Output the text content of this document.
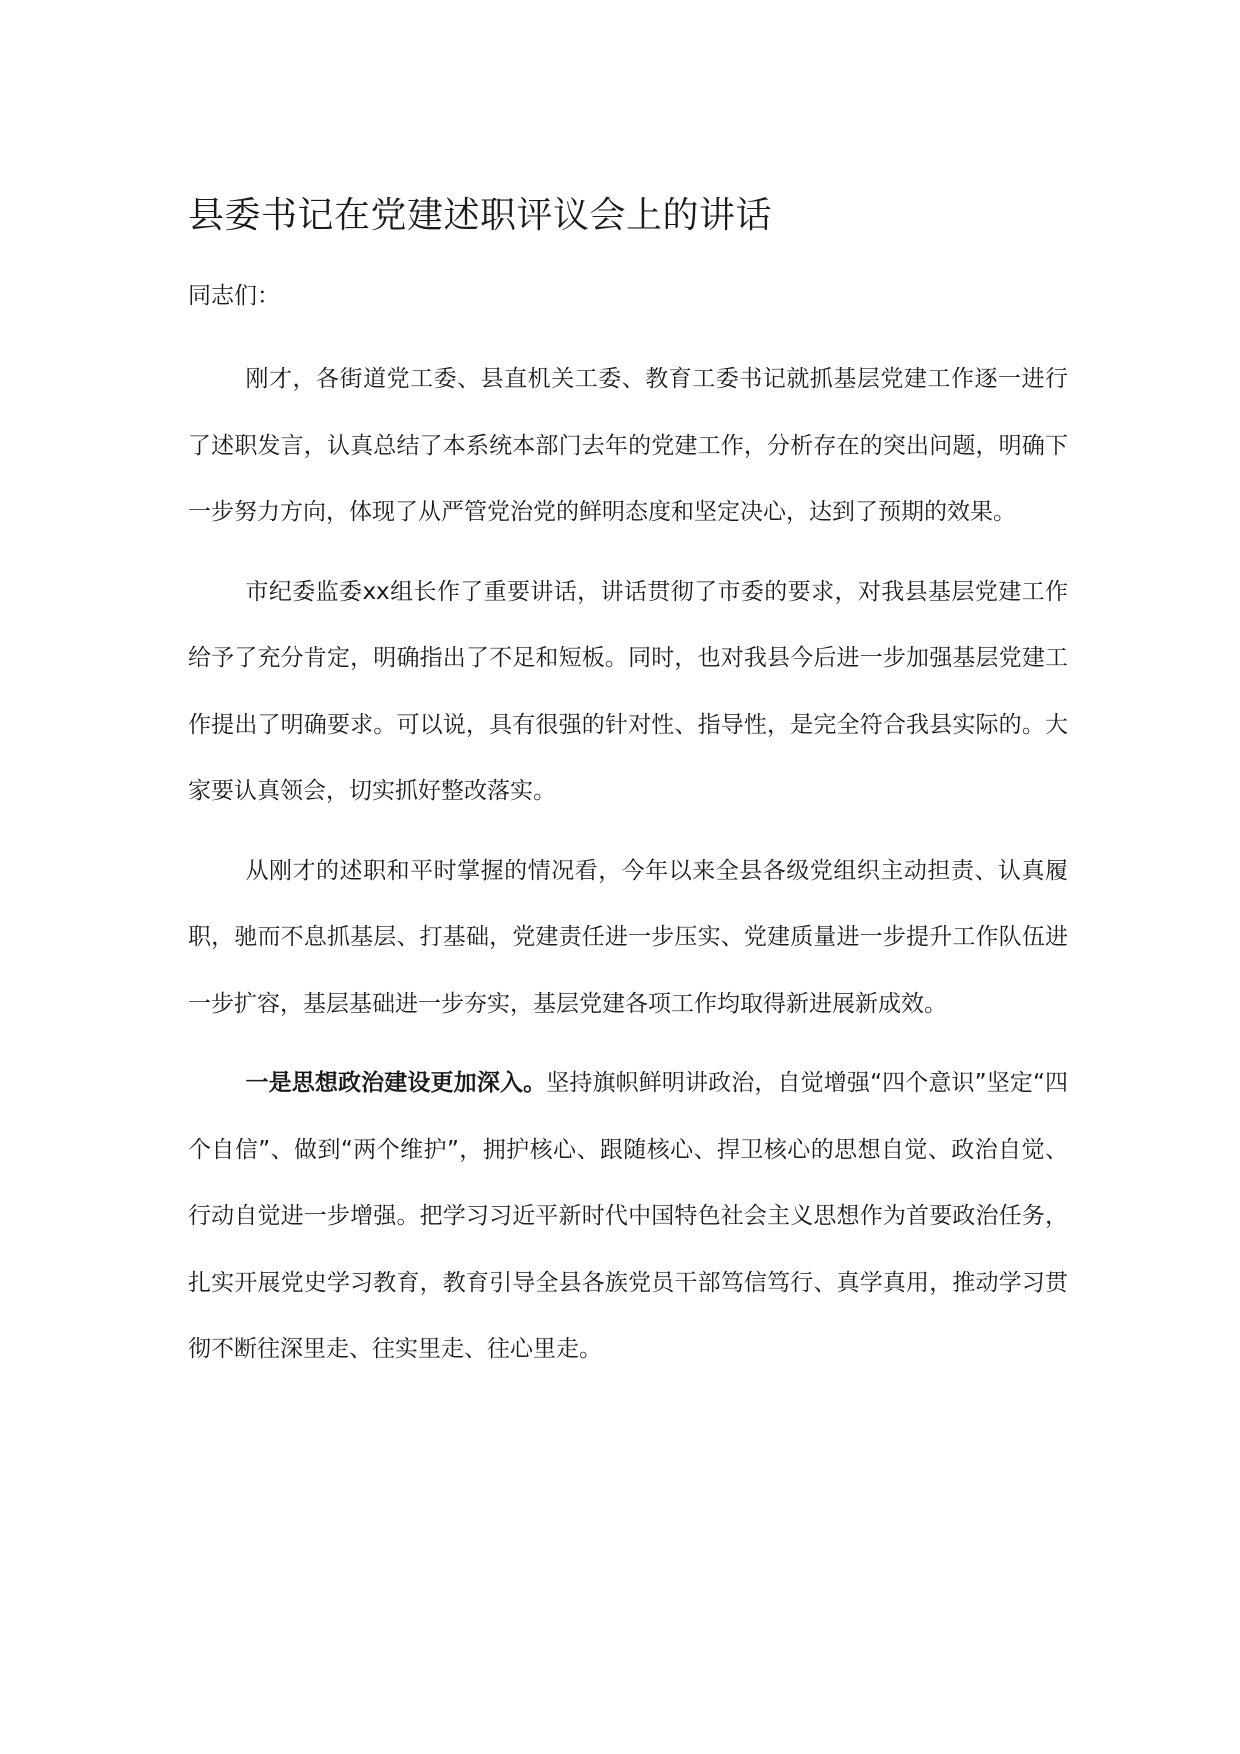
县委书记在党建述职评议会上的讲话

同志们：

刚才，各街道党工委、县直机关工委、教育工委书记就抓基层党建工作逐一进行了述职发言，认真总结了本系统本部门去年的党建工作，分析存在的突出问题，明确下一步努力方向，体现了从严管党治党的鲜明态度和坚定决心，达到了预期的效果。

市纪委监委xx组长作了重要讲话，讲话贯彻了市委的要求，对我县基层党建工作给予了充分肯定，明确指出了不足和短板。同时，也对我县今后进一步加强基层党建工作提出了明确要求。可以说，具有很强的针对性、指导性，是完全符合我县实际的。大家要认真领会，切实抓好整改落实。

从刚才的述职和平时掌握的情况看，今年以来全县各级党组织主动担责、认真履职，驰而不息抓基层、打基础，党建责任进一步压实、党建质量进一步提升工作队伍进一步扩容，基层基础进一步夯实，基层党建各项工作均取得新进展新成效。

一是思想政治建设更加深入。坚持旗帜鲜明讲政治，自觉增强“四个意识”坚定“四个自信”、做到“两个维护”，拥护核心、跟随核心、捍卫核心的思想自觉、政治自觉、行动自觉进一步增强。把学习习近平新时代中国特色社会主义思想作为首要政治任务，扎实开展党史学习教育，教育引导全县各族党员干部笃信笃行、真学真用，推动学习贯彻不断往深里走、往实里走、往心里走。
